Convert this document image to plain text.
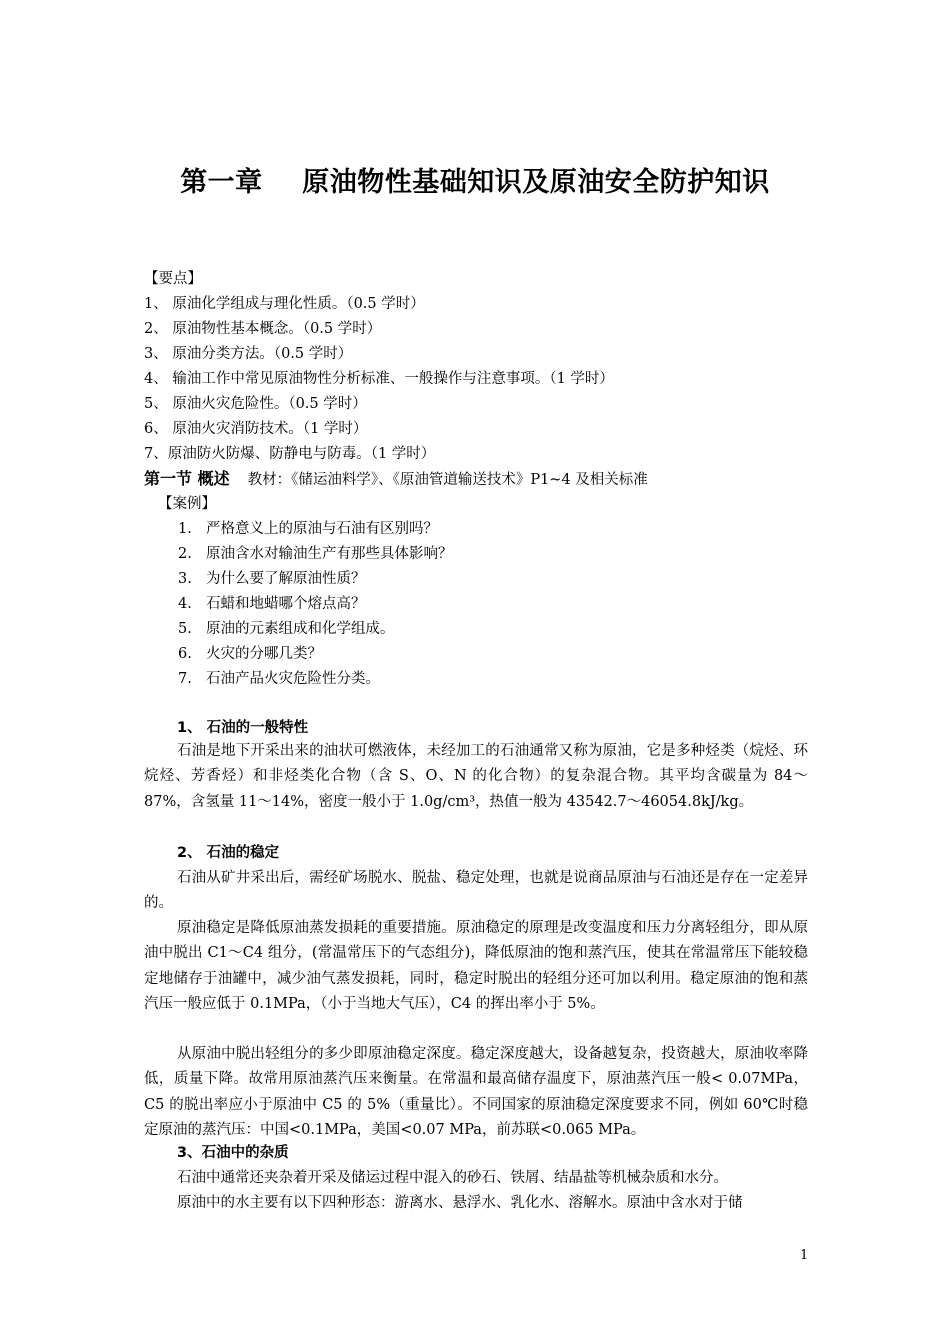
第一章    原油物性基础知识及原油安全防护知识
【要点】
1、 原油化学组成与理化性质。（0.5 学时）
2、 原油物性基本概念。（0.5 学时）
3、 原油分类方法。（0.5 学时）
4、 输油工作中常见原油物性分析标准、一般操作与注意事项。（1 学时）
5、 原油火灾危险性。（0.5 学时）
6、 原油火灾消防技术。（1 学时）
7、原油防火防爆、防静电与防毒。（1 学时）
第一节 概述 教材：《储运油料学》、《原油管道输送技术》P1~4 及相关标准
【案例】
1. 严格意义上的原油与石油有区别吗？
2. 原油含水对输油生产有那些具体影响？
3. 为什么要了解原油性质？
4. 石蜡和地蜡哪个熔点高？
5. 原油的元素组成和化学组成。
6. 火灾的分哪几类？
7. 石油产品火灾危险性分类。
1、 石油的一般特性
石油是地下开采出来的油状可燃液体，未经加工的石油通常又称为原油，它是多种烃类（烷烃、环烷烃、芳香烃）和非烃类化合物（含 S、O、N 的化合物）的复杂混合物。其平均含碳量为 84～87%，含氢量 11～14%，密度一般小于 1.0g/cm³，热值一般为 43542.7～46054.8kJ/kg。
2、 石油的稳定
石油从矿井采出后，需经矿场脱水、脱盐、稳定处理，也就是说商品原油与石油还是存在一定差异的。
原油稳定是降低原油蒸发损耗的重要措施。原油稳定的原理是改变温度和压力分离轻组分，即从原油中脱出 C1～C4 组分，(常温常压下的气态组分)，降低原油的饱和蒸汽压，使其在常温常压下能较稳定地储存于油罐中，减少油气蒸发损耗，同时，稳定时脱出的轻组分还可加以利用。稳定原油的饱和蒸汽压一般应低于 0.1MPa，（小于当地大气压），C4 的挥出率小于 5%。
从原油中脱出轻组分的多少即原油稳定深度。稳定深度越大，设备越复杂，投资越大，原油收率降低，质量下降。故常用原油蒸汽压来衡量。在常温和最高储存温度下，原油蒸汽压一般< 0.07MPa，C5 的脱出率应小于原油中 C5 的 5%（重量比）。不同国家的原油稳定深度要求不同，例如 60℃时稳定原油的蒸汽压：中国<0.1MPa，美国<0.07 MPa，前苏联<0.065 MPa。
3、石油中的杂质
石油中通常还夹杂着开采及储运过程中混入的砂石、铁屑、结晶盐等机械杂质和水分。
原油中的水主要有以下四种形态：游离水、悬浮水、乳化水、溶解水。原油中含水对于储
1
